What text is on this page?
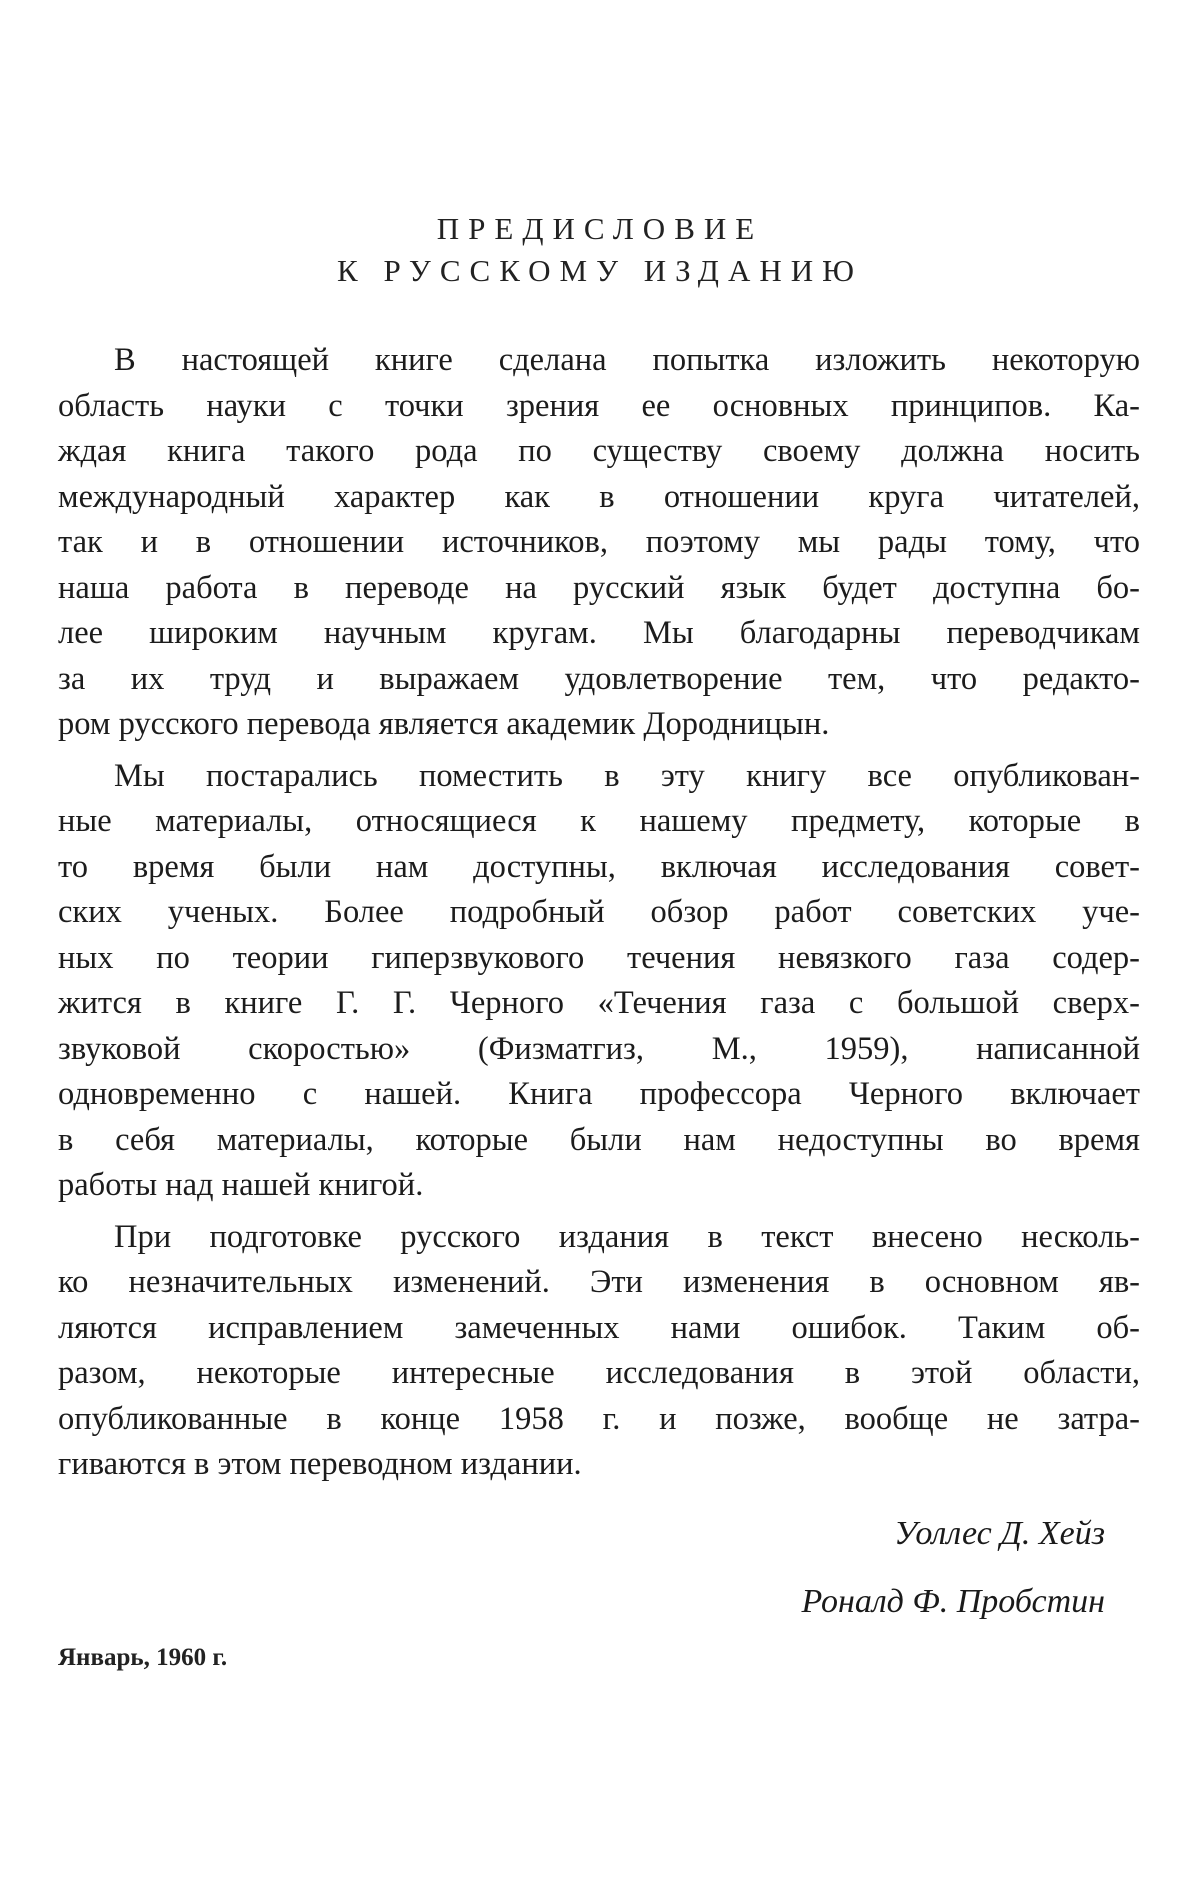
ПРЕДИСЛОВИЕ
К РУССКОМУ ИЗДАНИЮ
В настоящей книге сделана попытка изложить некоторую
область науки с точки зрения ее основных принципов. Ка-
ждая книга такого рода по существу своему должна носить
международный характер как в отношении круга читателей,
так и в отношении источников, поэтому мы рады тому, что
наша работа в переводе на русский язык будет доступна бо-
лее широким научным кругам. Мы благодарны переводчикам
за их труд и выражаем удовлетворение тем, что редакто-
ром русского перевода является академик Дородницын.
Мы постарались поместить в эту книгу все опубликован-
ные материалы, относящиеся к нашему предмету, которые в
то время были нам доступны, включая исследования совет-
ских ученых. Более подробный обзор работ советских уче-
ных по теории гиперзвукового течения невязкого газа содер-
жится в книге Г. Г. Черного «Течения газа с большой сверх-
звуковой скоростью» (Физматгиз, М., 1959), написанной
одновременно с нашей. Книга профессора Черного включает
в себя материалы, которые были нам недоступны во время
работы над нашей книгой.
При подготовке русского издания в текст внесено несколь-
ко незначительных изменений. Эти изменения в основном яв-
ляются исправлением замеченных нами ошибок. Таким об-
разом, некоторые интересные исследования в этой области,
опубликованные в конце 1958 г. и позже, вообще не затра-
гиваются в этом переводном издании.
Уоллес Д. Хейз
Роналд Ф. Пробстин
Январь, 1960 г.
